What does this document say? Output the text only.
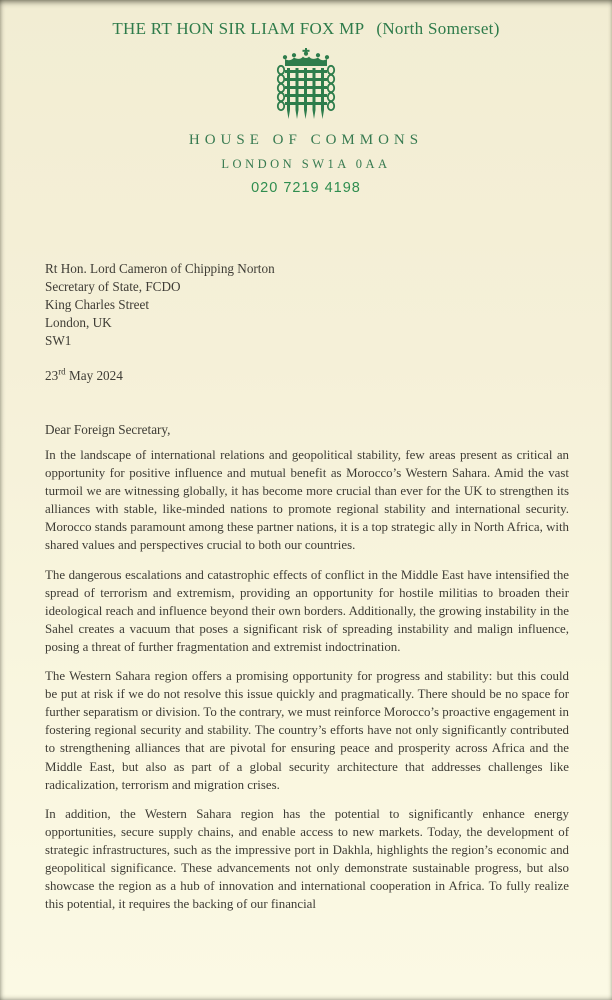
THE RT HON SIR LIAM FOX MP (North Somerset)
HOUSE OF COMMONS
LONDON SW1A 0AA
020 7219 4198
Rt Hon. Lord Cameron of Chipping Norton
Secretary of State, FCDO
King Charles Street
London, UK
SW1
23rd May 2024
Dear Foreign Secretary,

In the landscape of international relations and geopolitical stability, few areas present as critical an opportunity for positive influence and mutual benefit as Morocco’s Western Sahara. Amid the vast turmoil we are witnessing globally, it has become more crucial than ever for the UK to strengthen its alliances with stable, like-minded nations to promote regional stability and international security. Morocco stands paramount among these partner nations, it is a top strategic ally in North Africa, with shared values and perspectives crucial to both our countries.

The dangerous escalations and catastrophic effects of conflict in the Middle East have intensified the spread of terrorism and extremism, providing an opportunity for hostile militias to broaden their ideological reach and influence beyond their own borders. Additionally, the growing instability in the Sahel creates a vacuum that poses a significant risk of spreading instability and malign influence, posing a threat of further fragmentation and extremist indoctrination.

The Western Sahara region offers a promising opportunity for progress and stability: but this could be put at risk if we do not resolve this issue quickly and pragmatically. There should be no space for further separatism or division. To the contrary, we must reinforce Morocco’s proactive engagement in fostering regional security and stability. The country’s efforts have not only significantly contributed to strengthening alliances that are pivotal for ensuring peace and prosperity across Africa and the Middle East, but also as part of a global security architecture that addresses challenges like radicalization, terrorism and migration crises.

In addition, the Western Sahara region has the potential to significantly enhance energy opportunities, secure supply chains, and enable access to new markets. Today, the development of strategic infrastructures, such as the impressive port in Dakhla, highlights the region’s economic and geopolitical significance. These advancements not only demonstrate sustainable progress, but also showcase the region as a hub of innovation and international cooperation in Africa. To fully realize this potential, it requires the backing of our financial
